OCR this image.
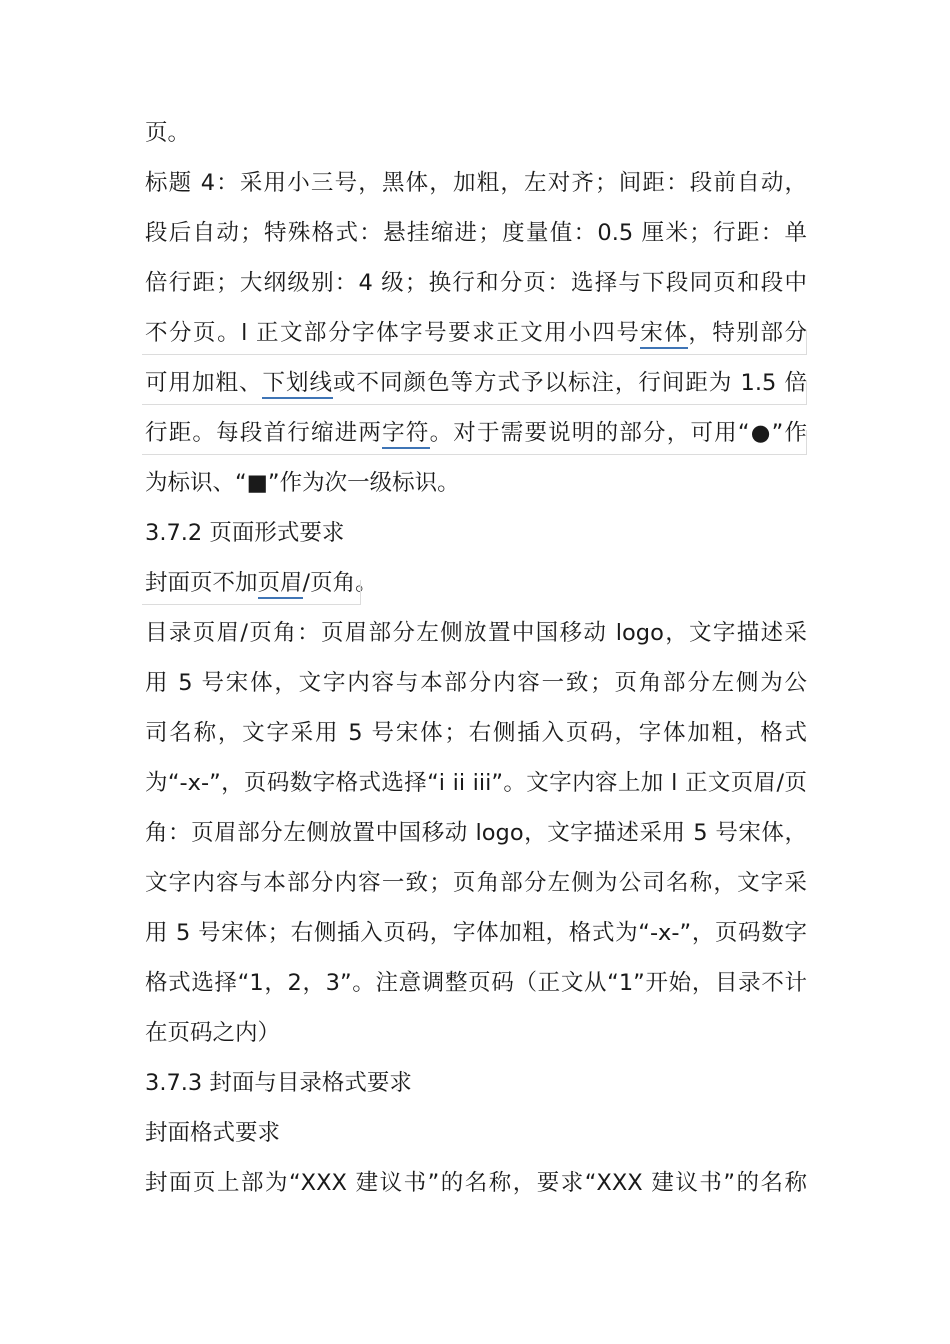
页。
标题 4：采用小三号，黑体，加粗，左对齐；间距：段前自动，
段后自动；特殊格式：悬挂缩进；度量值：0.5 厘米；行距：单
倍行距；大纲级别：4 级；换行和分页：选择与下段同页和段中
不分页。l 正文部分字体字号要求正文用小四号宋体，特别部分
可用加粗、下划线或不同颜色等方式予以标注，行间距为 1.5 倍
行距。每段首行缩进两字符。对于需要说明的部分，可用“●”作
为标识、“■”作为次一级标识。
3.7.2 页面形式要求
封面页不加页眉/页角。
目录页眉/页角：页眉部分左侧放置中国移动 logo，文字描述采
用 5 号宋体，文字内容与本部分内容一致；页角部分左侧为公
司名称，文字采用 5 号宋体；右侧插入页码，字体加粗，格式
为“-x-”，页码数字格式选择“i ii iii”。文字内容上加 l 正文页眉/页
角：页眉部分左侧放置中国移动 logo，文字描述采用 5 号宋体，
文字内容与本部分内容一致；页角部分左侧为公司名称，文字采
用 5 号宋体；右侧插入页码，字体加粗，格式为“-x-”，页码数字
格式选择“1，2，3”。注意调整页码（正文从“1”开始，目录不计
在页码之内）
3.7.3 封面与目录格式要求
封面格式要求
封面页上部为“XXX 建议书”的名称，要求“XXX 建议书”的名称
